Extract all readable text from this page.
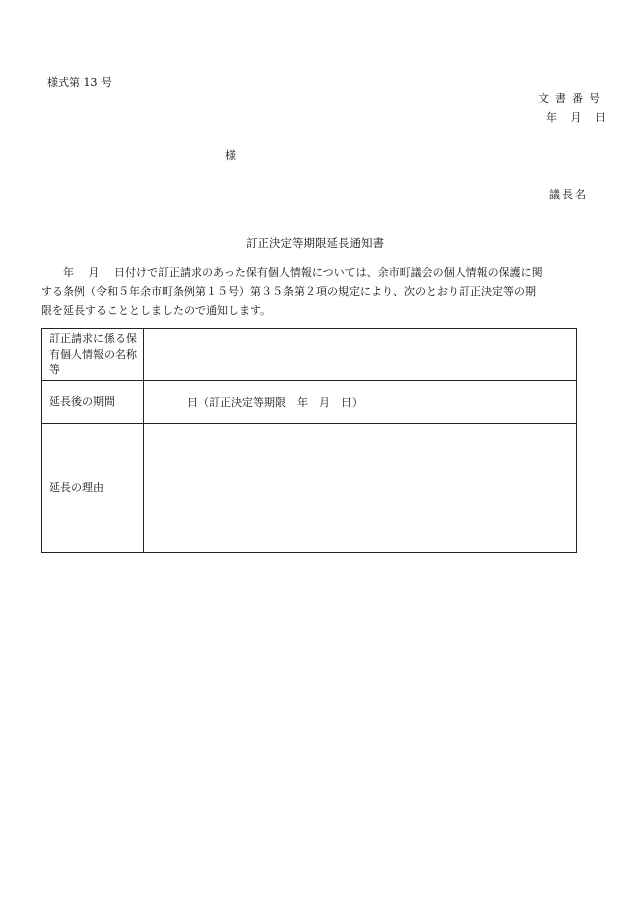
様式第 13 号
文書番号
年 月 日
様
議長名
訂正決定等期限延長通知書
　　年　 月　 日付けで訂正請求のあった保有個人情報については、余市町議会の個人情報の保護に関
する条例（令和５年余市町条例第１５号）第３５条第２項の規定により、次のとおり訂正決定等の期
限を延長することとしましたので通知します。
訂正請求に係る保有個人情報の名称等	
延長後の期間	日（訂正決定等期限　年　月　日）
延長の理由	
